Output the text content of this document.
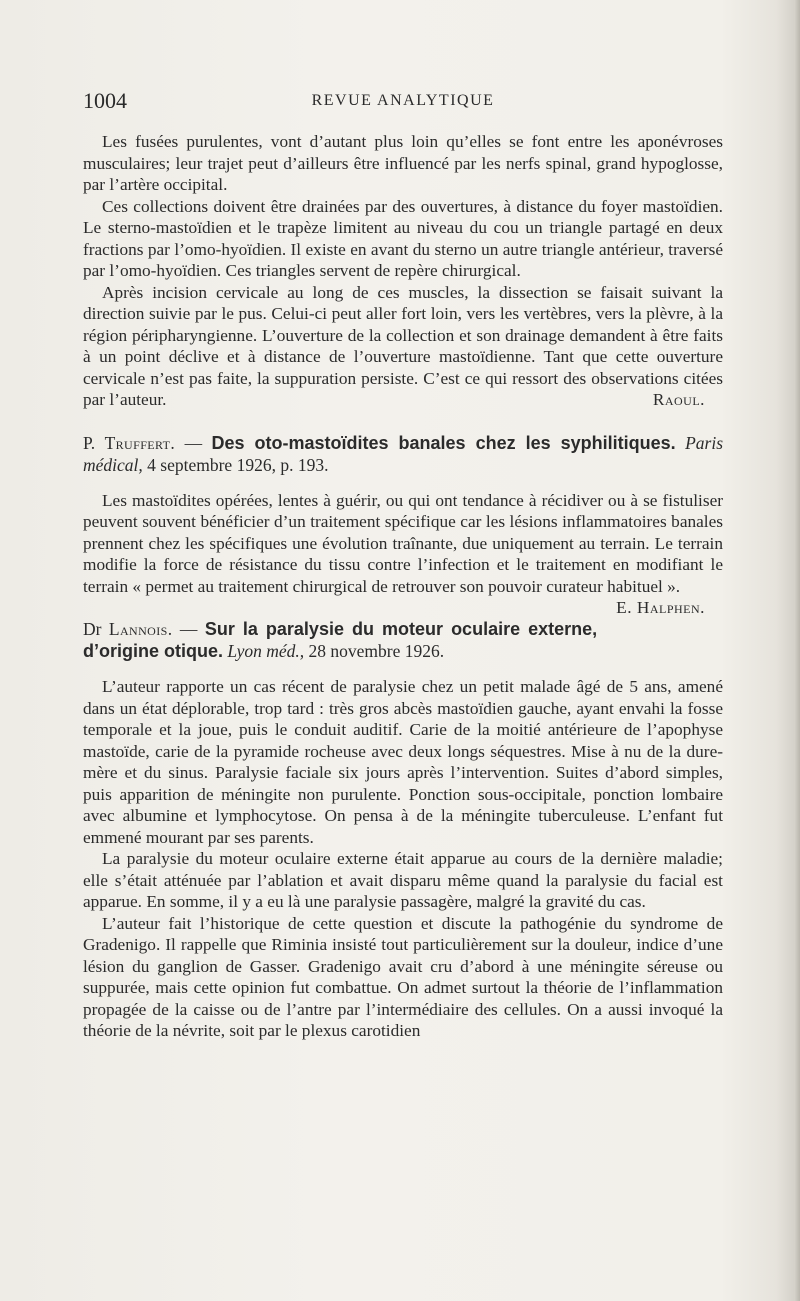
1004	REVUE ANALYTIQUE

Les fusées purulentes, vont d’autant plus loin qu’elles se font entre les aponévroses musculaires; leur trajet peut d’ailleurs être influencé par les nerfs spinal, grand hypoglosse, par l’artère occipital.

Ces collections doivent être drainées par des ouvertures, à distance du foyer mastoïdien. Le sterno-mastoïdien et le trapèze limitent au niveau du cou un triangle partagé en deux fractions par l’omo-hyoïdien. Il existe en avant du sterno un autre triangle antérieur, traversé par l’omo-hyoïdien. Ces triangles servent de repère chirurgical.

Après incision cervicale au long de ces muscles, la dissection se faisait suivant la direction suivie par le pus. Celui-ci peut aller fort loin, vers les vertèbres, vers la plèvre, à la région péripharyngienne. L’ouverture de la collection et son drainage demandent à être faits à un point déclive et à distance de l’ouverture mastoïdienne. Tant que cette ouverture cervicale n’est pas faite, la suppuration persiste. C’est ce qui ressort des observations citées par l’auteur.	Raoul.

P. Truffert. — Des oto-mastoïdites banales chez les syphilitiques. Paris médical, 4 septembre 1926, p. 193.

Les mastoïdites opérées, lentes à guérir, ou qui ont tendance à récidiver ou à se fistuliser peuvent souvent bénéficier d’un traitement spécifique car les lésions inflammatoires banales prennent chez les spécifiques une évolution traînante, due uniquement au terrain. Le terrain modifie la force de résistance du tissu contre l’infection et le traitement en modifiant le terrain « permet au traitement chirurgical de retrouver son pouvoir curateur habituel ».
E. Halphen.

Dr Lannois. — Sur la paralysie du moteur oculaire externe, d’origine otique. Lyon méd., 28 novembre 1926.

L’auteur rapporte un cas récent de paralysie chez un petit malade âgé de 5 ans, amené dans un état déplorable, trop tard : très gros abcès mastoïdien gauche, ayant envahi la fosse temporale et la joue, puis le conduit auditif. Carie de la moitié antérieure de l’apophyse mastoïde, carie de la pyramide rocheuse avec deux longs séquestres. Mise à nu de la dure-mère et du sinus. Paralysie faciale six jours après l’intervention. Suites d’abord simples, puis apparition de méningite non purulente. Ponction sous-occipitale, ponction lombaire avec albumine et lymphocytose. On pensa à de la méningite tuberculeuse. L’enfant fut emmené mourant par ses parents.

La paralysie du moteur oculaire externe était apparue au cours de la dernière maladie; elle s’était atténuée par l’ablation et avait disparu même quand la paralysie du facial est apparue. En somme, il y a eu là une paralysie passagère, malgré la gravité du cas.

L’auteur fait l’historique de cette question et discute la pathogénie du syndrome de Gradenigo. Il rappelle que Riminia insisté tout particulièrement sur la douleur, indice d’une lésion du ganglion de Gasser. Gradenigo avait cru d’abord à une méningite séreuse ou suppurée, mais cette opinion fut combattue. On admet surtout la théorie de l’inflammation propagée de la caisse ou de l’antre par l’intermédiaire des cellules. On a aussi invoqué la théorie de la névrite, soit par le plexus carotidien
